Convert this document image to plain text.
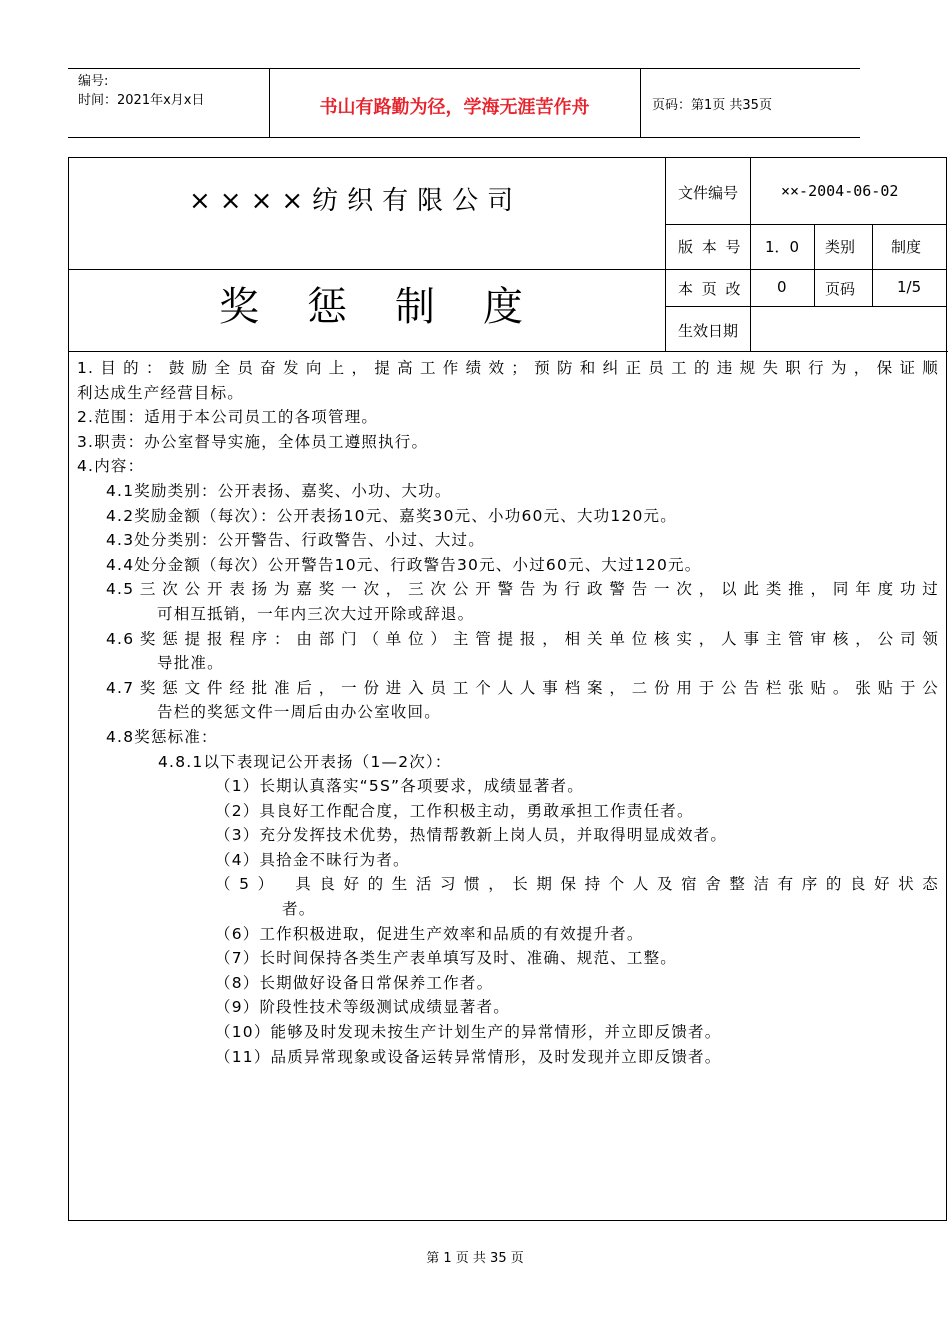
编号:
时间：2021年x月x日	书山有路勤为径，学海无涯苦作舟	页码：第1页 共35页
××××纺织有限公司
奖惩制度
文件编号	××-2004-06-02
版 本 号 1．0 类别 制度
本 页 改 0	页码	1/5
生效日期
1.目的：鼓励全员奋发向上，提高工作绩效；预防和纠正员工的违规失职行为，保证顺
利达成生产经营目标。
2.范围：适用于本公司员工的各项管理。
3.职责：办公室督导实施，全体员工遵照执行。
4.内容：
4.1奖励类别：公开表扬、嘉奖、小功、大功。
4.2奖励金额（每次）：公开表扬10元、嘉奖30元、小功60元、大功120元。
4.3处分类别：公开警告、行政警告、小过、大过。
4.4处分金额（每次）公开警告10元、行政警告30元、小过60元、大过120元。
4.5三次公开表扬为嘉奖一次，三次公开警告为行政警告一次，以此类推，同年度功过
可相互抵销，一年内三次大过开除或辞退。
4.6奖惩提报程序：由部门（单位）主管提报，相关单位核实，人事主管审核，公司领
导批准。
4.7奖惩文件经批准后，一份进入员工个人人事档案，二份用于公告栏张贴。张贴于公
告栏的奖惩文件一周后由办公室收回。
4.8奖惩标准：
4.8.1以下表现记公开表扬（1—2次）：
（1）长期认真落实“5S”各项要求，成绩显著者。
（2）具良好工作配合度，工作积极主动，勇敢承担工作责任者。
（3）充分发挥技术优势，热情帮教新上岗人员，并取得明显成效者。
（4）具拾金不昧行为者。
（5） 具良好的生活习惯，长期保持个人及宿舍整洁有序的良好状态
者。
（6）工作积极进取，促进生产效率和品质的有效提升者。
（7）长时间保持各类生产表单填写及时、准确、规范、工整。
（8）长期做好设备日常保养工作者。
（9）阶段性技术等级测试成绩显著者。
（10）能够及时发现未按生产计划生产的异常情形，并立即反馈者。
（11）品质异常现象或设备运转异常情形，及时发现并立即反馈者。
第 1 页 共 35 页
